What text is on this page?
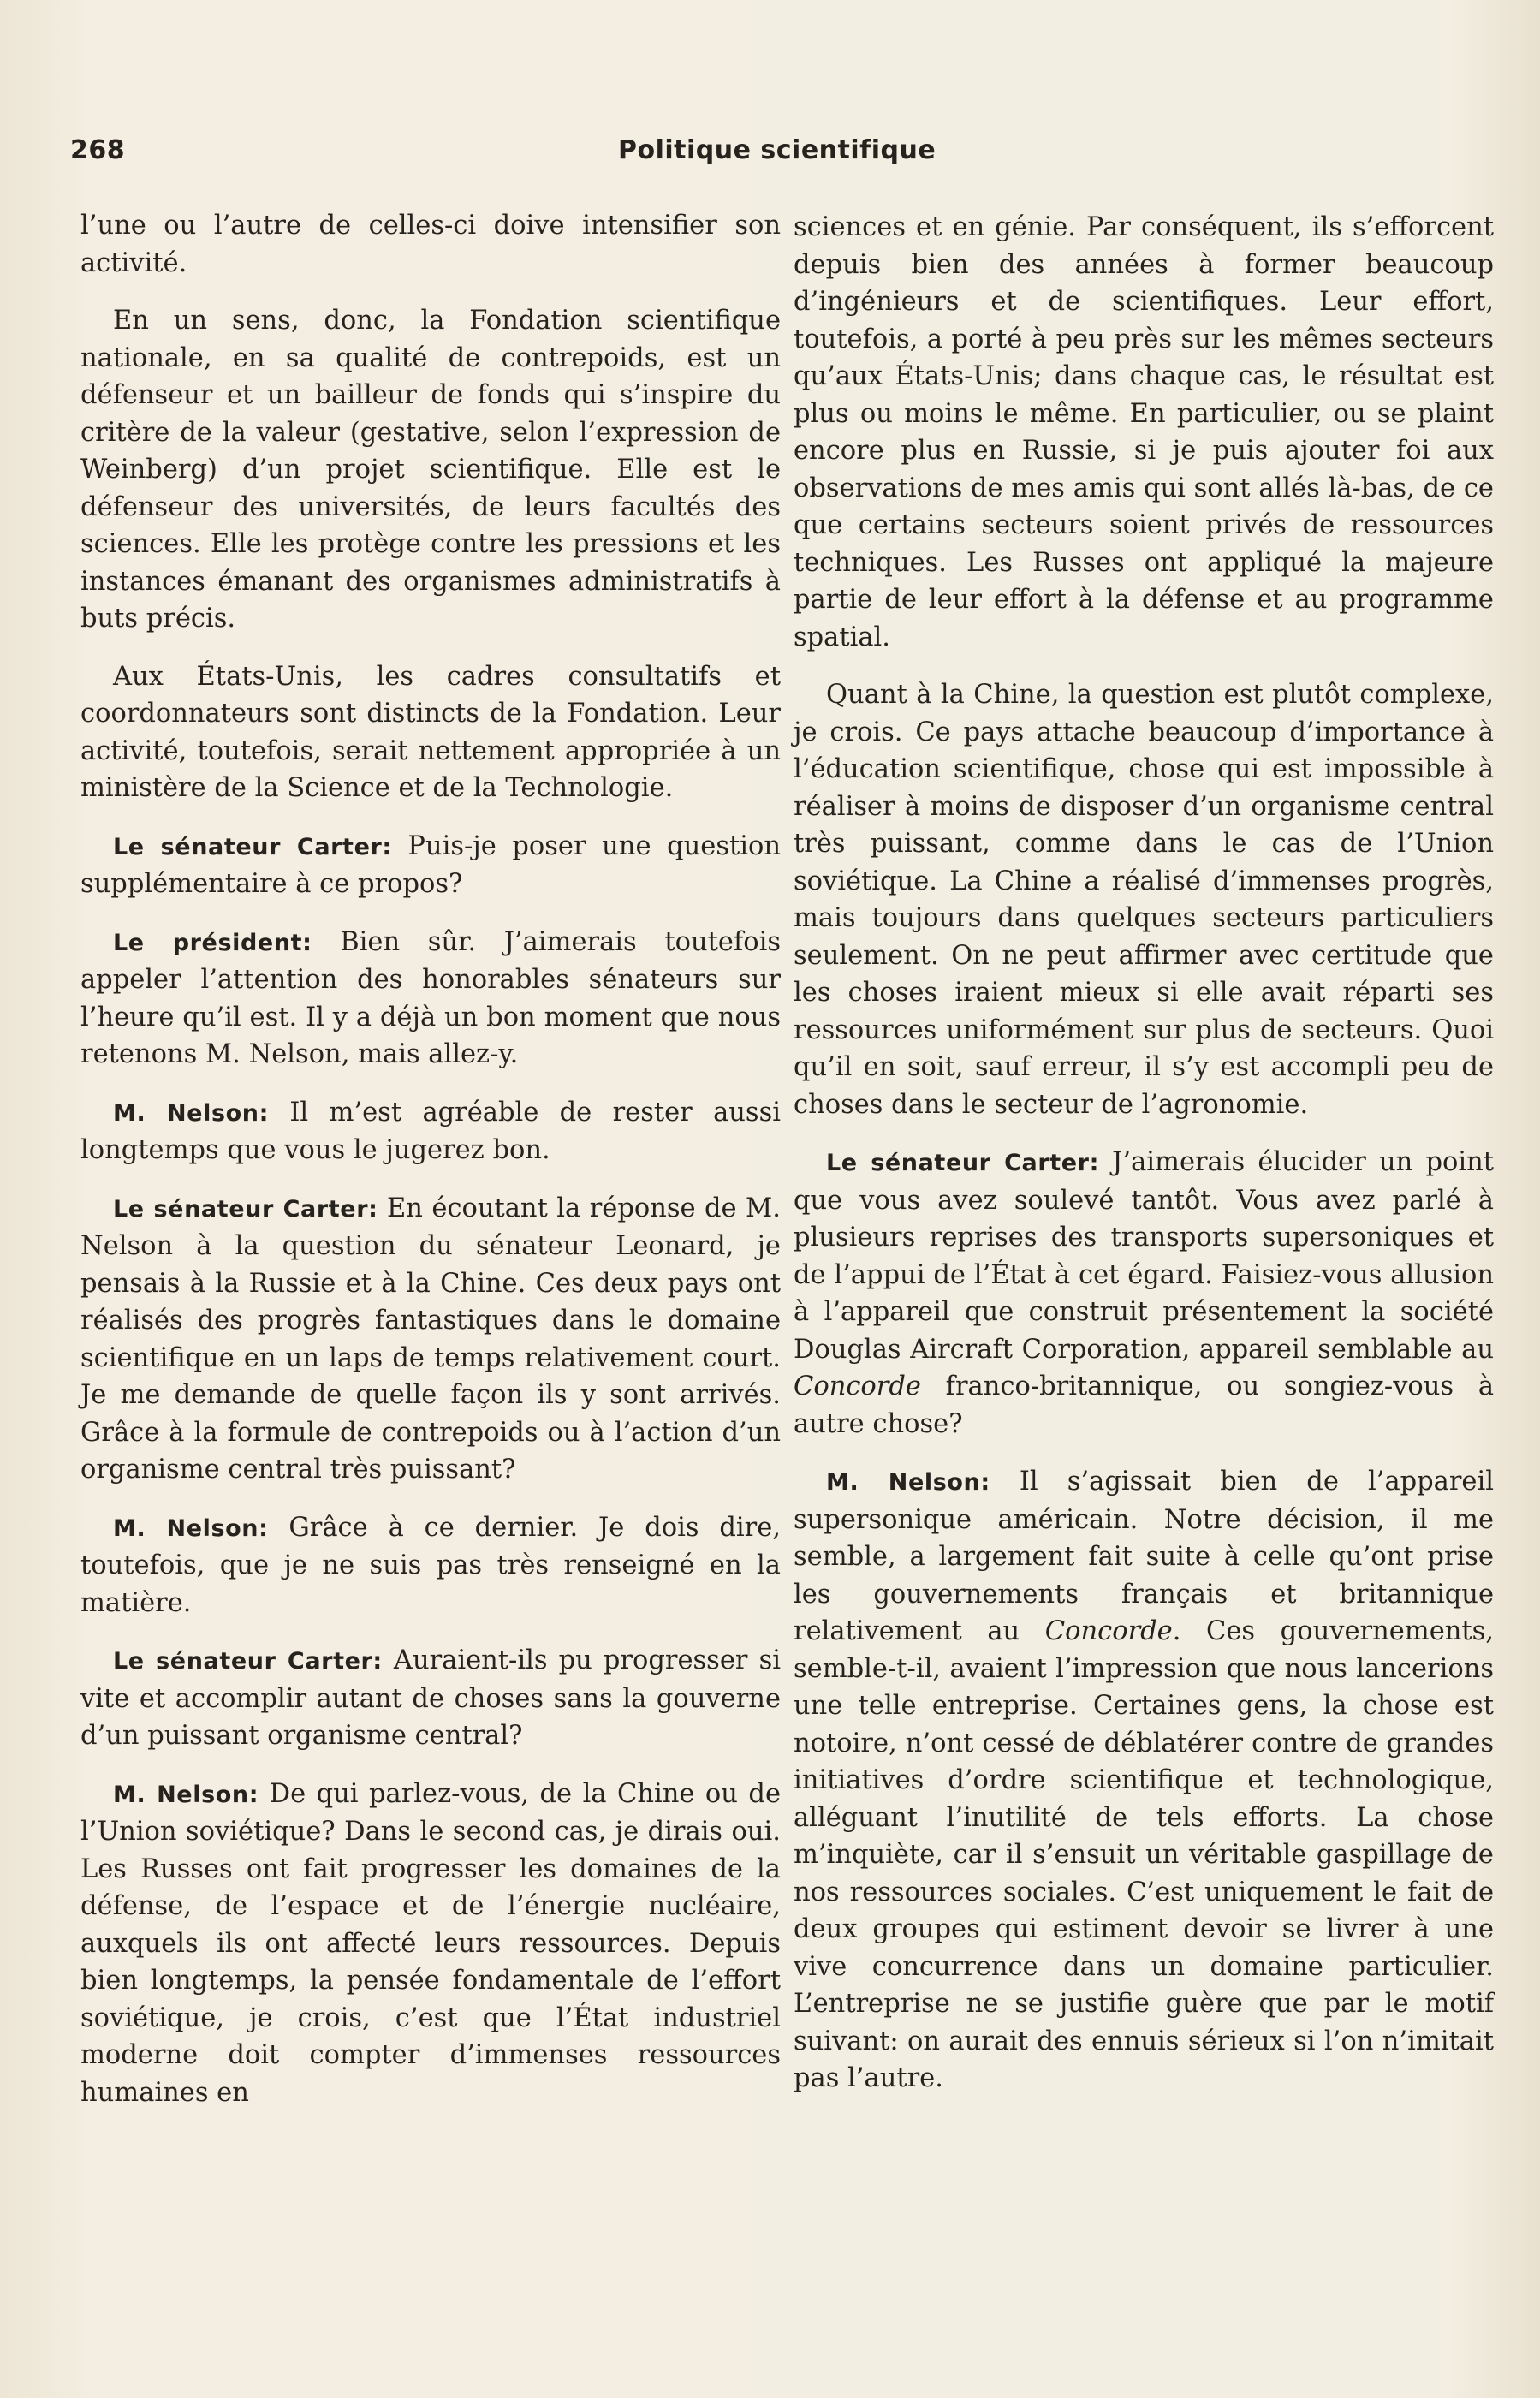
268	Politique scientifique

l’une ou l’autre de celles-ci doive intensifier son activité.

En un sens, donc, la Fondation scientifique nationale, en sa qualité de contrepoids, est un défenseur et un bailleur de fonds qui s’inspire du critère de la valeur (gestative, selon l’expression de Weinberg) d’un projet scientifique. Elle est le défenseur des universités, de leurs facultés des sciences. Elle les protège contre les pressions et les instances émanant des organismes administratifs à buts précis.

Aux États-Unis, les cadres consultatifs et coordonnateurs sont distincts de la Fondation. Leur activité, toutefois, serait nettement appropriée à un ministère de la Science et de la Technologie.

Le sénateur Carter: Puis-je poser une question supplémentaire à ce propos?

Le président: Bien sûr. J’aimerais toutefois appeler l’attention des honorables sénateurs sur l’heure qu’il est. Il y a déjà un bon moment que nous retenons M. Nelson, mais allez-y.

M. Nelson: Il m’est agréable de rester aussi longtemps que vous le jugerez bon.

Le sénateur Carter: En écoutant la réponse de M. Nelson à la question du sénateur Leonard, je pensais à la Russie et à la Chine. Ces deux pays ont réalisés des progrès fantastiques dans le domaine scientifique en un laps de temps relativement court. Je me demande de quelle façon ils y sont arrivés. Grâce à la formule de contrepoids ou à l’action d’un organisme central très puissant?

M. Nelson: Grâce à ce dernier. Je dois dire, toutefois, que je ne suis pas très renseigné en la matière.

Le sénateur Carter: Auraient-ils pu progresser si vite et accomplir autant de choses sans la gouverne d’un puissant organisme central?

M. Nelson: De qui parlez-vous, de la Chine ou de l’Union soviétique? Dans le second cas, je dirais oui. Les Russes ont fait progresser les domaines de la défense, de l’espace et de l’énergie nucléaire, auxquels ils ont affecté leurs ressources. Depuis bien longtemps, la pensée fondamentale de l’effort soviétique, je crois, c’est que l’État industriel moderne doit compter d’immenses ressources humaines en

sciences et en génie. Par conséquent, ils s’efforcent depuis bien des années à former beaucoup d’ingénieurs et de scientifiques. Leur effort, toutefois, a porté à peu près sur les mêmes secteurs qu’aux États-Unis; dans chaque cas, le résultat est plus ou moins le même. En particulier, ou se plaint encore plus en Russie, si je puis ajouter foi aux observations de mes amis qui sont allés là-bas, de ce que certains secteurs soient privés de ressources techniques. Les Russes ont appliqué la majeure partie de leur effort à la défense et au programme spatial.

Quant à la Chine, la question est plutôt complexe, je crois. Ce pays attache beaucoup d’importance à l’éducation scientifique, chose qui est impossible à réaliser à moins de disposer d’un organisme central très puissant, comme dans le cas de l’Union soviétique. La Chine a réalisé d’immenses progrès, mais toujours dans quelques secteurs particuliers seulement. On ne peut affirmer avec certitude que les choses iraient mieux si elle avait réparti ses ressources uniformément sur plus de secteurs. Quoi qu’il en soit, sauf erreur, il s’y est accompli peu de choses dans le secteur de l’agronomie.

Le sénateur Carter: J’aimerais élucider un point que vous avez soulevé tantôt. Vous avez parlé à plusieurs reprises des transports supersoniques et de l’appui de l’État à cet égard. Faisiez-vous allusion à l’appareil que construit présentement la société Douglas Aircraft Corporation, appareil semblable au Concorde franco-britannique, ou songiez-vous à autre chose?

M. Nelson: Il s’agissait bien de l’appareil supersonique américain. Notre décision, il me semble, a largement fait suite à celle qu’ont prise les gouvernements français et britannique relativement au Concorde. Ces gouvernements, semble-t-il, avaient l’impression que nous lancerions une telle entreprise. Certaines gens, la chose est notoire, n’ont cessé de déblatérer contre de grandes initiatives d’ordre scientifique et technologique, alléguant l’inutilité de tels efforts. La chose m’inquiète, car il s’ensuit un véritable gaspillage de nos ressources sociales. C’est uniquement le fait de deux groupes qui estiment devoir se livrer à une vive concurrence dans un domaine particulier. L’entreprise ne se justifie guère que par le motif suivant: on aurait des ennuis sérieux si l’on n’imitait pas l’autre.
